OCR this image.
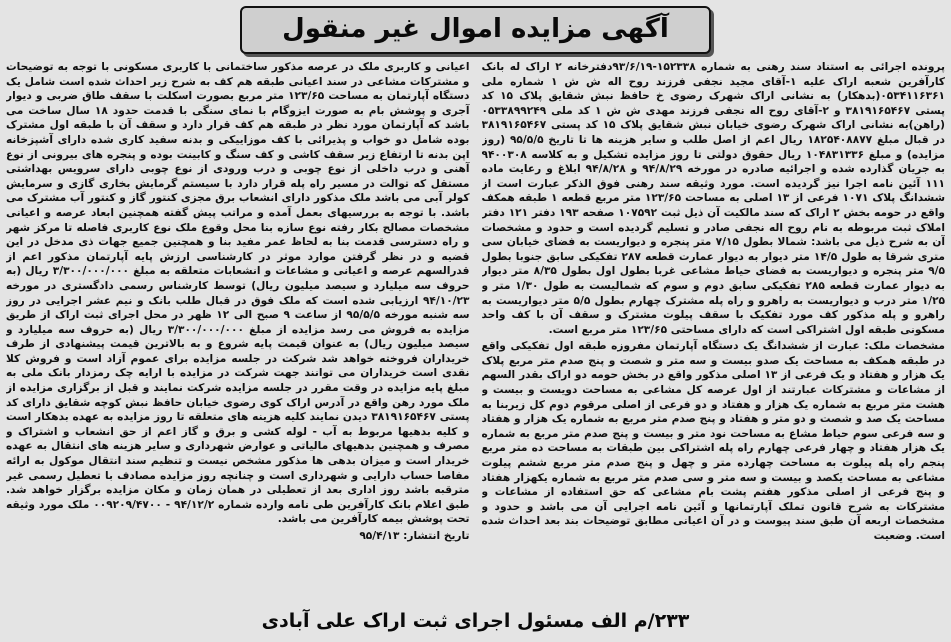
آگهی مزایده اموال غیر منقول

پرونده اجرائی به استناد سند رهنی به شماره ۱۵۲۳۳۸-۹۳/۶/۱۹دفترخانه ۲ اراک له بانک کارآفرین شعبه اراک علیه ۱-آقای مجید نجفی فرزند روح اله ش ش ۱ شماره ملی ۰۵۳۴۱۱۶۳۶۱(بدهکار) به نشانی اراک شهرک رضوی خ حافظ نبش شقایق پلاک ۱۵ کد پستی ۳۸۱۹۱۶۵۴۶۷ و ۲-آقای روح اله نجفی فرزند مهدی ش ش ۱ کد ملی ۰۵۳۳۸۹۹۲۴۹ (راهن)به نشانی اراک شهرک رضوی خیابان نبش شقایق پلاک ۱۵ کد پستی ۳۸۱۹۱۶۵۴۶۷ در قبال مبلغ ۱۸۲۵۴۰۸۸۷۷ ریال اعم از اصل طلب و سایر هزینه ها تا تاریخ ۹۵/۵/۵ (روز مزایده) و مبلغ ۱۰۴۸۳۱۳۳۶ ریال حقوق دولتی تا روز مزایده تشکیل و به کلاسه ۹۴۰۰۳۰۸ به جریان گذارده شده و اجرائیه صادره در مورخه ۹۴/۸/۲۹ و ۹۴/۸/۲۸ ابلاغ و رعایت ماده ۱۱۱ آئین نامه اجرا نیز گردیده است. مورد وثیقه سند رهنی فوق الذکر عبارت است از ششدانگ پلاک ۱۰۷۱ فرعی از ۱۳ اصلی به مساحت ۱۲۳/۶۵ متر مربع قطعه ۱ طبقه همکف واقع در حومه بخش ۲ اراک که سند مالکیت آن ذیل ثبت ۱۰۷۵۹۲ صفحه ۱۹۳ دفتر ۱۲۱ دفتر املاک ثبت مربوطه به نام روح اله نجفی صادر و تسلیم گردیده است و حدود و مشخصات آن به شرح ذیل می باشد: شمالا بطول ۷/۱۵ متر پنجره و دیواریست به فضای خیابان سی متری شرقا به طول ۱۴/۵ متر دیوار به دیوار عمارت قطعه ۲۸۷ تفکیکی سابق جنوبا بطول ۹/۵ متر پنجره و دیواریست به فضای حیاط مشاعی غربا بطول اول بطول ۸/۳۵ متر دیوار به دیوار عمارت قطعه ۲۸۵ تفکیکی سابق دوم و سوم که شمالیست به طول ۱/۳۰ متر و ۱/۲۵ متر درب و دیواریست به راهرو و راه پله مشترک چهارم بطول ۵/۵ متر دیواریست به راهرو و پله مذکور کف مورد تفکیک با سقف پیلوت مشترک و سقف آن با کف واحد مسکونی طبقه اول اشتراکی است که دارای مساحتی ۱۲۳/۶۵ متر مربع است.

مشخصات ملک: عبارت از ششدانگ یک دستگاه آپارتمان مفروزه طبقه اول تفکیکی واقع در طبقه همکف به مساحت یک صدو بیست و سه متر و شصت و پنج صدم متر مربع پلاک یک هزار و هفتاد و یک فرعی از ۱۳ اصلی مذکور واقع در بخش حومه دو اراک بقدر السهم از مشاعات و مشترکات عبارتند از اول عرصه کل مشاعی به مساحت دویست و بیست و هشت متر مربع به شماره یک هزار و هفتاد و دو فرعی از اصلی مرقوم دوم کل زیربنا به مساحت یک صد و شصت و دو متر و هفتاد و پنج صدم متر مربع به شماره یک هزار و هفتاد و سه فرعی سوم حیاط مشاع به مساحت نود متر و بیست و پنج صدم متر مربع به شماره یک هزار هفتاد و چهار فرعی چهارم راه پله اشتراکی بین طبقات به مساحت ده متر مربع پنجم راه پله پیلوت به مساحت چهارده متر و چهل و پنج صدم متر مربع ششم پیلوت مشاعی به مساحت یکصد و بیست و سه متر و سی صدم متر مربع به شماره یکهزار هفتاد و پنج فرعی از اصلی مذکور هفتم پشت بام مشاعی که حق استفاده از مشاعات و مشترکات به شرح قانون تملک آپارتمانها و آئین نامه اجرایی آن می باشد و حدود و مشخصات اربعه آن طبق سند پیوست و در آن اعیانی مطابق توضیحات بند بعد احداث شده است. وضعیت

اعیانی و کاربری ملک در عرصه مذکور ساختمانی با کاربری مسکونی با توجه به توضیحات و مشترکات مشاعی در سند اعیانی طبقه هم کف به شرح زیر احداث شده است شامل یک دستگاه آپارتمان به مساحت ۱۲۳/۶۵ متر مربع بصورت اسکلت با سقف طاق ضربی و دیوار آجری و پوشش بام به صورت ایزوگام با نمای سنگی با قدمت حدود ۱۸ سال ساخت می باشد که آپارتمان مورد نظر در طبقه هم کف قرار دارد و سقف آن با طبقه اول مشترک بوده شامل دو خواب و پذیرائی با کف موزاییکی و بدنه سفید کاری شده دارای آشپزخانه اپن بدنه تا ارتفاع زیر سقف کاشی و کف سنگ و کابینت بوده و پنجره های بیرونی از نوع آهنی و درب داخلی از نوع چوبی و درب ورودی از نوع چوبی دارای سرویس بهداشتی مستقل که توالت در مسیر راه پله قرار دارد با سیستم گرمایش بخاری گازی و سرمایش کولر آبی می باشد ملک مذکور دارای انشعاب برق مجزی کنتور گاز و کنتور آب مشترک می باشد. با توجه به بررسیهای بعمل آمده و مراتب پیش گفته همچنین ابعاد عرصه و اعیانی مشخصات مصالح بکار رفته نوع سازه بنا محل وقوع ملک نوع کاربری فاصله تا مرکز شهر و راه دسترسی قدمت بنا به لحاظ عمر مفید بنا و همچنین جمیع جهات ذی مدخل در این قضیه و در نظر گرفتن موارد موثر در کارشناسی ارزش پایه آپارتمان مذکور اعم از قدرالسهم عرصه و اعیانی و مشاعات و انشعابات متعلقه به مبلغ ۳/۳۰۰/۰۰۰/۰۰۰ ریال (به حروف سه میلیارد و سیصد میلیون ریال) توسط کارشناس رسمی دادگستری در مورخه ۹۴/۱۰/۲۳ ارزیابی شده است که ملک فوق در قبال طلب بانک و نیم عشر اجرایی در روز سه شنبه مورخه ۹۵/۵/۵ از ساعت ۹ صبح الی ۱۲ ظهر در محل اجرای ثبت اراک از طریق مزایده به فروش می رسد مزایده از مبلغ ۳/۳۰۰/۰۰۰/۰۰۰ ریال (به حروف سه میلیارد و سیصد میلیون ریال) به عنوان قیمت پایه شروع و به بالاترین قیمت پیشنهادی از طرف خریداران فروخته خواهد شد شرکت در جلسه مزایده برای عموم آزاد است و فروش کلا نقدی است خریداران می توانند جهت شرکت در مزایده با ارایه چک رمزدار بانک ملی به مبلغ پایه مزایده در وقت مقرر در جلسه مزایده شرکت نمایند و قبل از برگزاری مزایده از ملک مورد رهن واقع در آدرس اراک کوی رضوی خیابان حافظ نبش کوچه شقایق دارای کد پستی ۳۸۱۹۱۶۵۴۶۷ دیدن نمایند کلیه هزینه های متعلقه تا روز مزایده به عهده بدهکار است و کلیه بدهیها مربوط به آب - لوله کشی و برق و گاز اعم از حق انشعاب و اشتراک و مصرف و همچنین بدهیهای مالیاتی و عوارض شهرداری و سایر هزینه های انتقال به عهده خریدار است و میزان بدهی ها مذکور مشخص نیست و تنظیم سند انتقال موکول به ارائه مفاصا حساب دارایی و شهرداری است و چنانچه روز مزایده مصادف با تعطیل رسمی غیر مترقبه باشد روز اداری بعد از تعطیلی در همان زمان و مکان مزایده برگزار خواهد شد. طبق اعلام بانک کارآفرین طی نامه وارده شماره ۹۴/۱۲/۲ - ۰۰۹۲۰۹/۴۷۰۰ ملک مورد وثیقه تحت پوشش بیمه کارآفرین می باشد.

تاریخ انتشار: ۹۵/۴/۱۳

۲۳۳/م الف مسئول اجرای ثبت اراک علی آبادی
